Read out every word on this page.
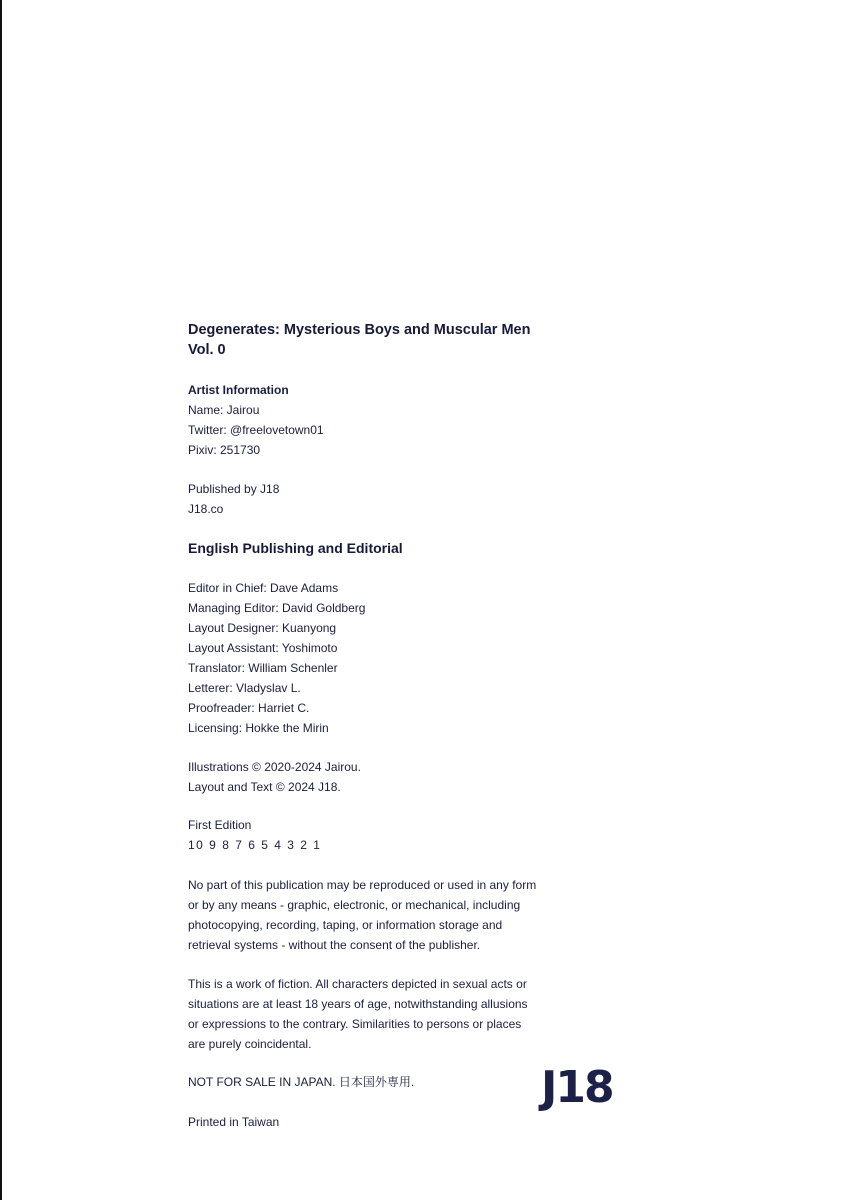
Degenerates: Mysterious Boys and Muscular Men
Vol. 0
Artist Information
Name: Jairou
Twitter: @freelovetown01
Pixiv: 251730
Published by J18
J18.co
English Publishing and Editorial
Editor in Chief: Dave Adams
Managing Editor: David Goldberg
Layout Designer: Kuanyong
Layout Assistant: Yoshimoto
Translator: William Schenler
Letterer: Vladyslav L.
Proofreader: Harriet C.
Licensing: Hokke the Mirin
Illustrations © 2020-2024 Jairou.
Layout and Text © 2024 J18.
First Edition
10 9 8 7 6 5 4 3 2 1
No part of this publication may be reproduced or used in any form
or by any means - graphic, electronic, or mechanical, including
photocopying, recording, taping, or information storage and
retrieval systems - without the consent of the publisher.
This is a work of fiction. All characters depicted in sexual acts or
situations are at least 18 years of age, notwithstanding allusions
or expressions to the contrary. Similarities to persons or places
are purely coincidental.
NOT FOR SALE IN JAPAN. 日本国外専用.
Printed in Taiwan
J18
